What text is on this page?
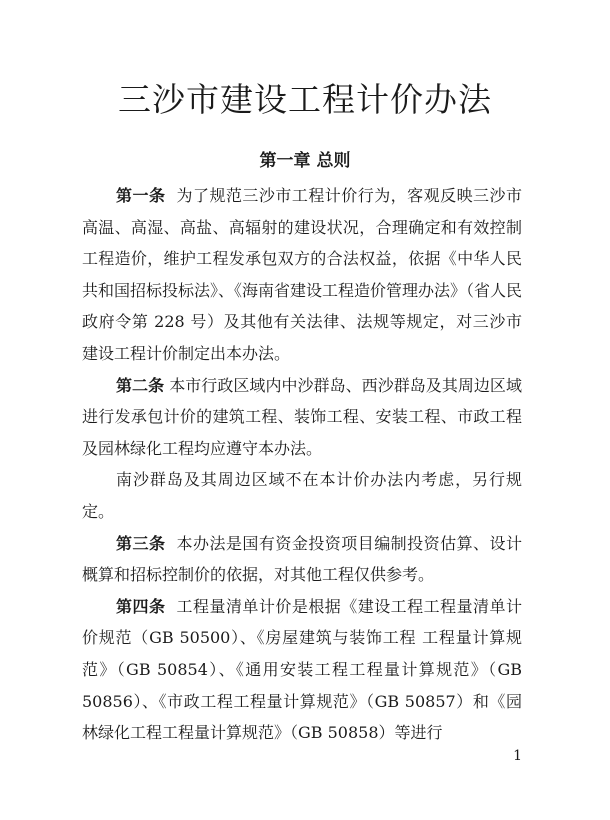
三沙市建设工程计价办法
第一章 总则

第一条 为了规范三沙市工程计价行为，客观反映三沙市高温、高湿、高盐、高辐射的建设状况，合理确定和有效控制工程造价，维护工程发承包双方的合法权益，依据《中华人民共和国招标投标法》、《海南省建设工程造价管理办法》（省人民政府令第 228 号）及其他有关法律、法规等规定，对三沙市建设工程计价制定出本办法。

第二条 本市行政区域内中沙群岛、西沙群岛及其周边区域进行发承包计价的建筑工程、装饰工程、安装工程、市政工程及园林绿化工程均应遵守本办法。

南沙群岛及其周边区域不在本计价办法内考虑，另行规定。

第三条 本办法是国有资金投资项目编制投资估算、设计概算和招标控制价的依据，对其他工程仅供参考。

第四条 工程量清单计价是根据《建设工程工程量清单计价规范（GB 50500）、《房屋建筑与装饰工程 工程量计算规范》（GB 50854）、《通用安装工程工程量计算规范》（GB 50856）、《市政工程工程量计算规范》（GB 50857）和《园林绿化工程工程量计算规范》（GB 50858）等进行

1
